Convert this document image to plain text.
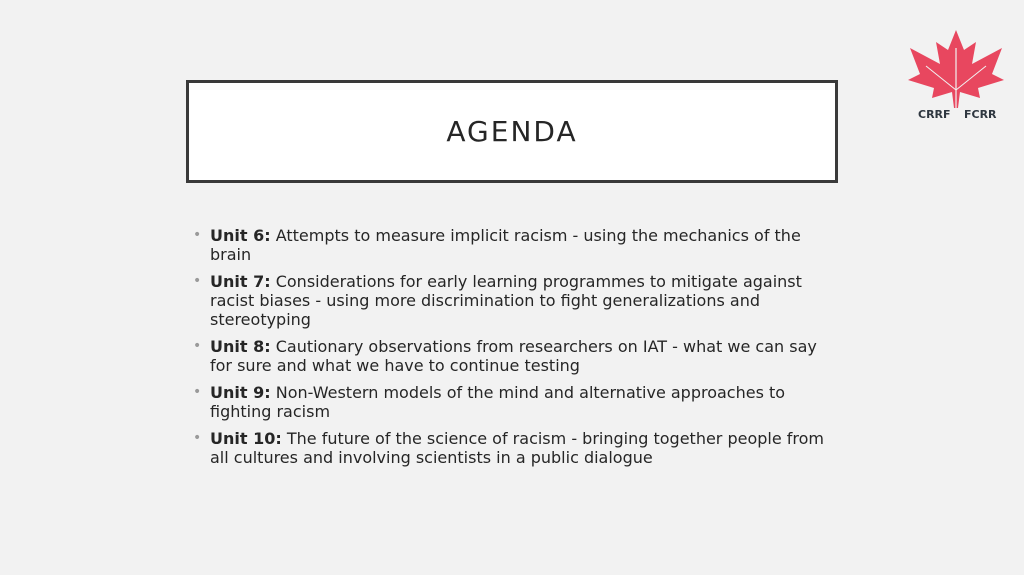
AGENDA
• Unit 6: Attempts to measure implicit racism - using the mechanics of the brain
• Unit 7: Considerations for early learning programmes to mitigate against racist biases - using more discrimination to fight generalizations and stereotyping
• Unit 8: Cautionary observations from researchers on IAT - what we can say for sure and what we have to continue testing
• Unit 9: Non-Western models of the mind and alternative approaches to fighting racism
• Unit 10: The future of the science of racism - bringing together people from all cultures and involving scientists in a public dialogue
CRRF FCRR
